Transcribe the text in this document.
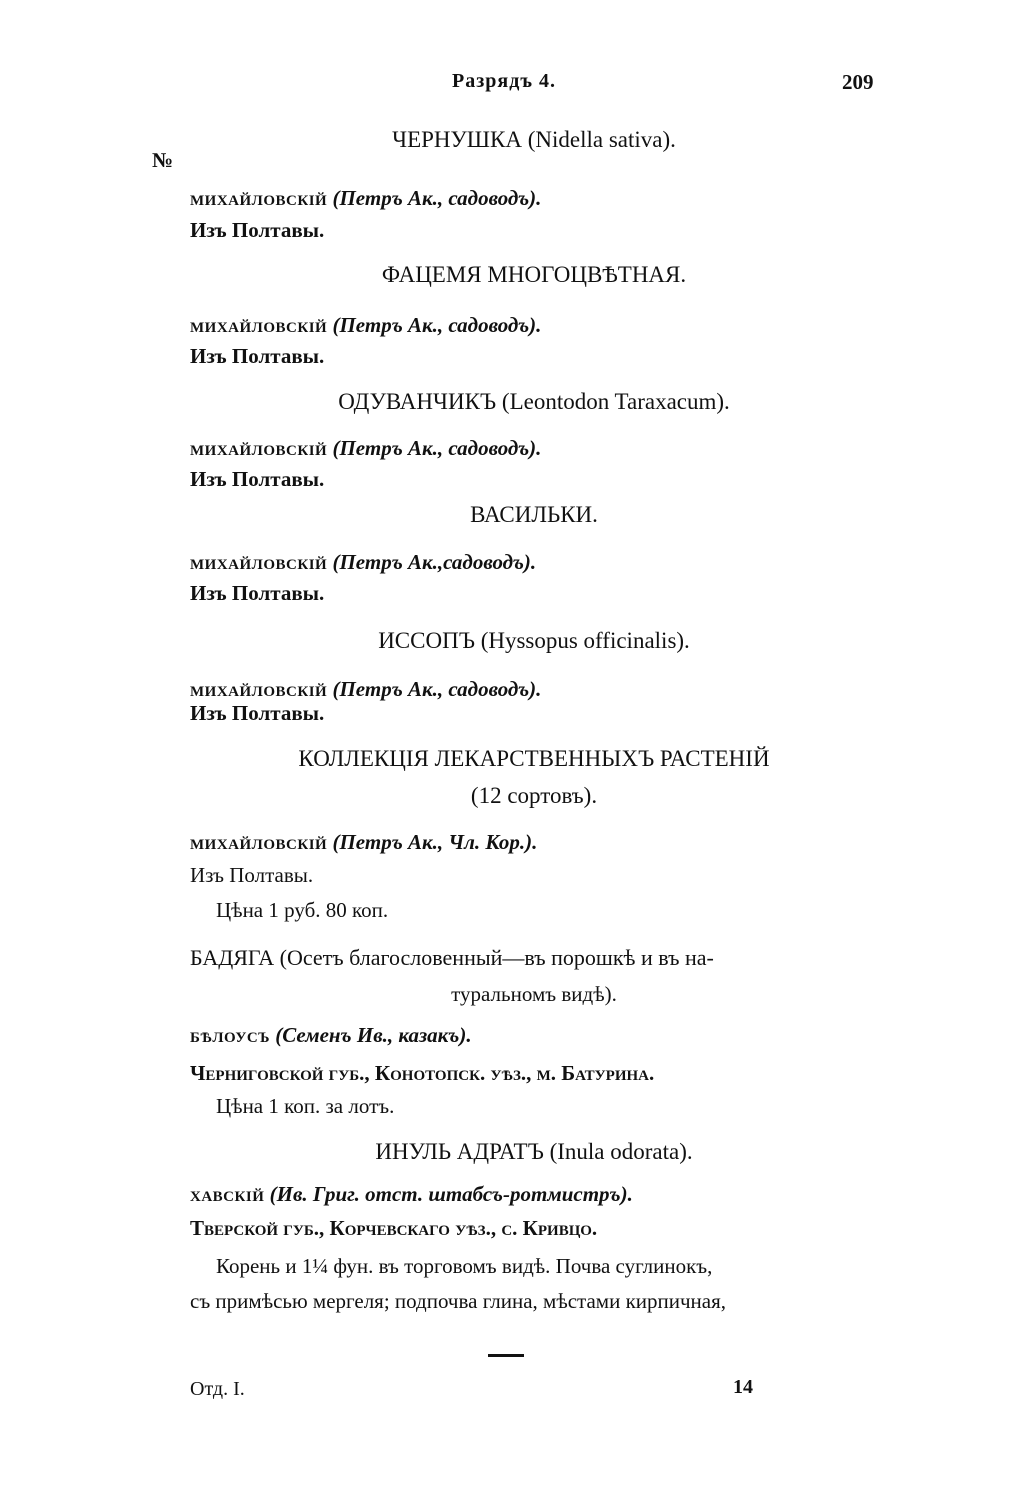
Разрядъ 4.	209
№
ЧЕРНУШКА (Nidella sativa).
михайловскій (Петръ Ак., садоводъ).
Изъ Полтавы.
ФАЦЕМЯ МНОГОЦВѢТНАЯ.
михайловскій (Петръ Ак., садоводъ).
Изъ Полтавы.
ОДУВАНЧИКЪ (Leontodon Taraxacum).
михайловскій (Петръ Ак., садоводъ).
Изъ Полтавы.
ВАСИЛЬКИ.
михайловскій (Петръ Ак.,садоводъ).
Изъ Полтавы.
ИССОПЪ (Hyssopus officinalis).
михайловскій (Петръ Ак., садоводъ).
Изъ Полтавы.
КОЛЛЕКЦІЯ ЛЕКАРСТВЕННЫХЪ РАСТЕНІЙ
(12 сортовъ).
михайловскій (Петръ Ак., Чл. Кор.).
Изъ Полтавы.
Цѣна 1 руб. 80 коп.
БАДЯГА (Осетъ благословенный—въ порошкѣ и въ на-
туральномъ видѣ).
бѣлоусъ (Семенъ Ив., казакъ).
Черниговской губ., Конотопск. уѣз., м. Батурина.
Цѣна 1 коп. за лотъ.
ИНУЛЬ АДРАТЪ (Inula odorata).
хавскій (Ив. Григ. отст. штабсъ-ротмистръ).
Тверской губ., Корчевскаго уѣз., с. Кривцо.
Корень и 1¼ фун. въ торговомъ видѣ. Почва суглинокъ,
съ примѣсью мергеля; подпочва глина, мѣстами кирпичная,
Отд. I.	14
